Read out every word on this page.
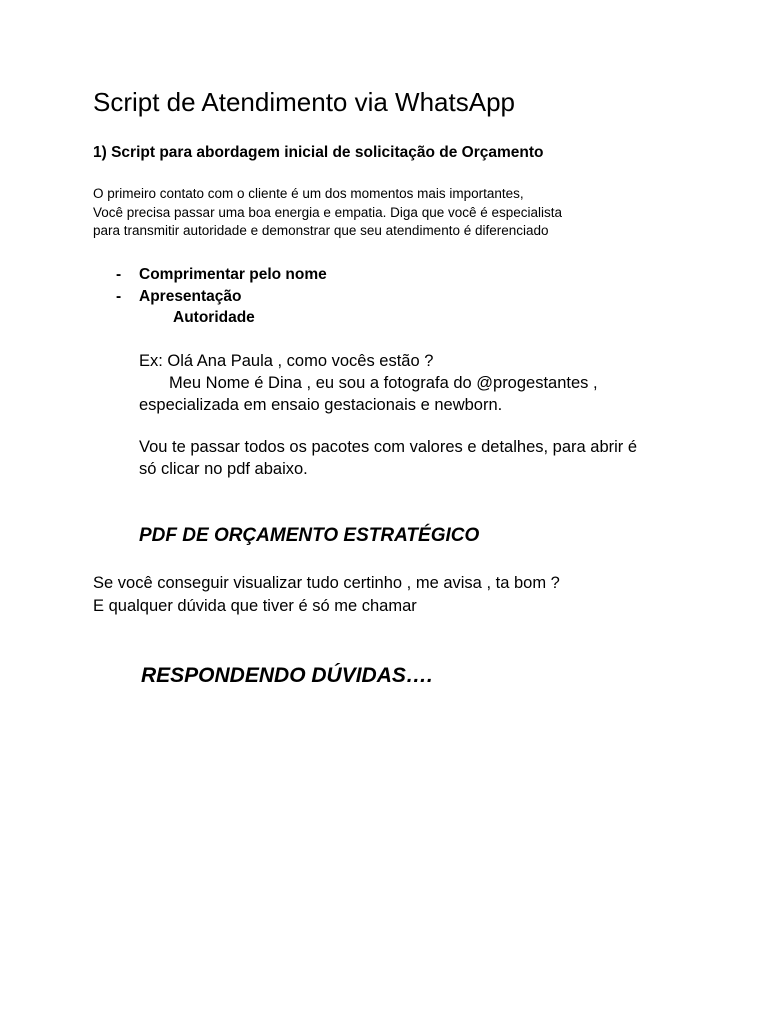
Script de Atendimento via WhatsApp
1) Script para abordagem inicial de solicitação de Orçamento
O primeiro contato com o cliente é um dos momentos mais importantes,
Você precisa passar uma boa energia e empatia. Diga que você é especialista
para transmitir autoridade e demonstrar que seu atendimento é diferenciado
-	Comprimentar pelo nome
-	Apresentação
Autoridade
Ex: Olá Ana Paula , como vocês estão ?
Meu Nome é Dina , eu sou a fotografa do @progestantes ,
especializada em ensaio gestacionais e newborn.
Vou te passar todos os pacotes com valores e detalhes, para abrir é
só clicar no pdf abaixo.
PDF DE ORÇAMENTO ESTRATÉGICO
Se você conseguir visualizar tudo certinho , me avisa , ta bom ?
E qualquer dúvida que tiver é só me chamar
RESPONDENDO DÚVIDAS….
